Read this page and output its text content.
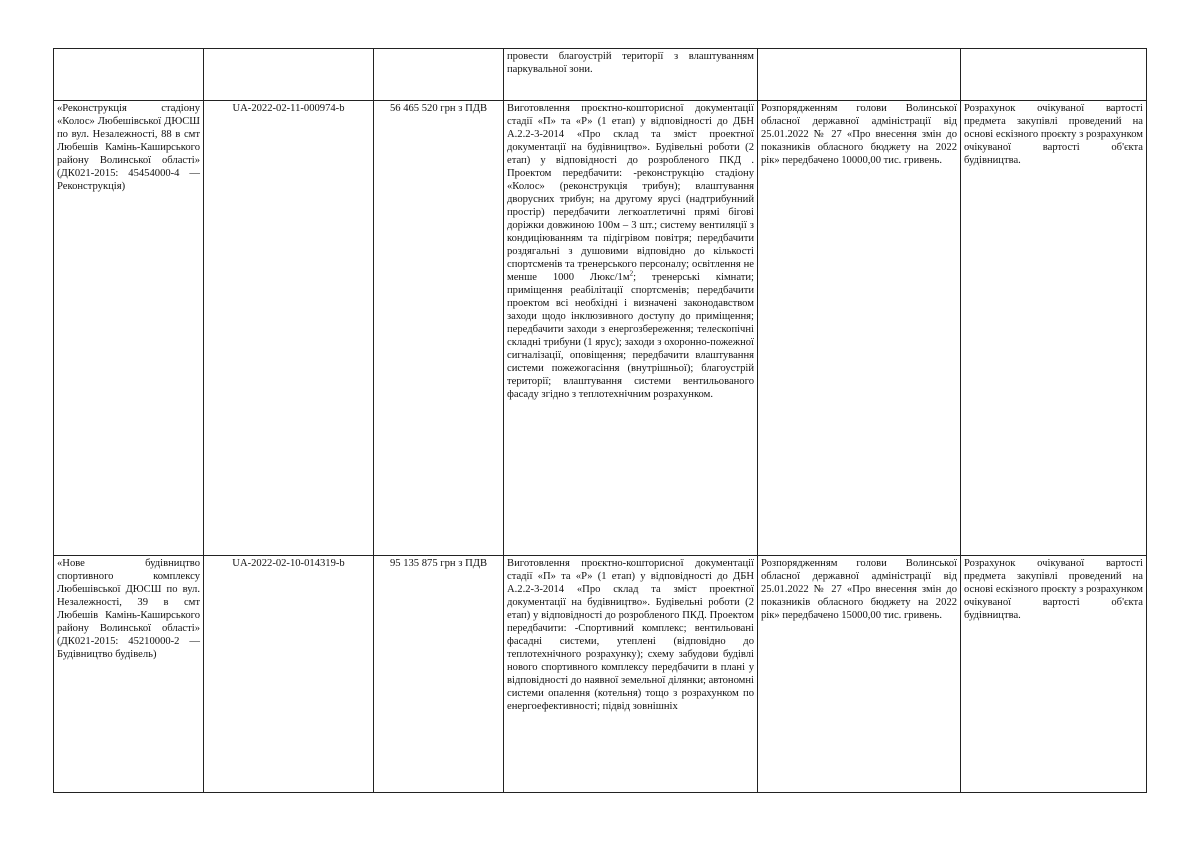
			провести благоустрій території з влаштуванням паркувальної зони.		
«Реконструкція стадіону «Колос» Любешівської ДЮСШ по вул. Незалежності, 88 в смт Любешів Камінь-Каширського району Волинської області» (ДК021-2015: 45454000-4 — Реконструкція)	UA-2022-02-11-000974-b	56 465 520 грн з ПДВ	Виготовлення проєктно-кошторисної документації стадії «П» та «Р» (1 етап) у відповідності до ДБН А.2.2-3-2014 «Про склад та зміст проектної документації на будівництво». Будівельні роботи (2 етап) у відповідності до розробленого ПКД . Проектом передбачити: -реконструкцію стадіону «Колос» (реконструкція трибун); влаштування дворусних трибун; на другому ярусі (надтрибунний простір) передбачити легкоатлетичні прямі бігові доріжки довжиною 100м – 3 шт.; систему вентиляції з кондиціюванням та підігрівом повітря; передбачити роздягальні з душовими відповідно до кількості спортсменів та тренерського персоналу; освітлення не менше 1000 Люкс/$1м^2$; тренерські кімнати; приміщення реабілітації спортсменів; передбачити проектом всі необхідні і визначені законодавством заходи щодо інклюзивного доступу до приміщення; передбачити заходи з енергозбереження; телескопічні складні трибуни (1 ярус); заходи з охоронно-пожежної сигналізації, оповіщення; передбачити влаштування системи пожежогасіння (внутрішньої); благоустрій території; влаштування системи вентильованого фасаду згідно з теплотехнічним розрахунком.	Розпорядженням голови Волинської обласної державної адміністрації від 25.01.2022 № 27 «Про внесення змін до показників обласного бюджету на 2022 рік» передбачено 10000,00 тис. гривень.	Розрахунок очікуваної вартості предмета закупівлі проведений на основі ескізного проєкту з розрахунком очікуваної вартості об'єкта будівництва.
«Нове будівництво спортивного комплексу Любешівської ДЮСШ по вул. Незалежності, 39 в смт Любешів Камінь-Каширського району Волинської області» (ДК021-2015: 45210000-2 — Будівництво будівель)	UA-2022-02-10-014319-b	95 135 875 грн з ПДВ	Виготовлення проєктно-кошторисної документації стадії «П» та «Р» (1 етап) у відповідності до ДБН А.2.2-3-2014 «Про склад та зміст проектної документації на будівництво». Будівельні роботи (2 етап) у відповідності до розробленого ПКД. Проектом передбачити: -Спортивний комплекс; вентильовані фасадні системи, утеплені (відповідно до теплотехнічного розрахунку); схему забудови будівлі нового спортивного комплексу передбачити в плані у відповідності до наявної земельної ділянки; автономні системи опалення (котельня) тощо з розрахунком по енергоефективності; підвід зовнішніх	Розпорядженням голови Волинської обласної державної адміністрації від 25.01.2022 № 27 «Про внесення змін до показників обласного бюджету на 2022 рік» передбачено 15000,00 тис. гривень.	Розрахунок очікуваної вартості предмета закупівлі проведений на основі ескізного проєкту з розрахунком очікуваної вартості об'єкта будівництва.
